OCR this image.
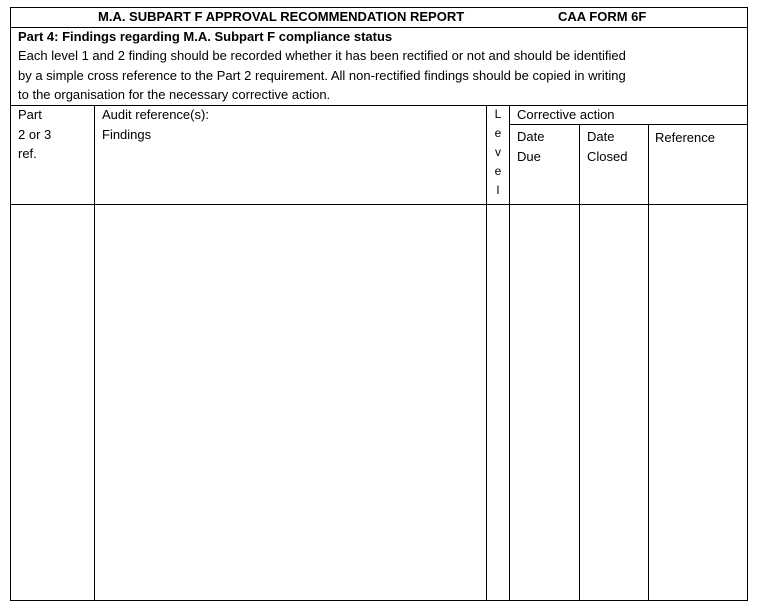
M.A. SUBPART F APPROVAL RECOMMENDATION REPORT	CAA FORM 6F
Part 4: Findings regarding M.A. Subpart F compliance status
Each level 1 and 2 finding should be recorded whether it has been rectified or not and should be identified
by a simple cross reference to the Part 2 requirement. All non-rectified findings should be copied in writing
to the organisation for the necessary corrective action.
Part
2 or 3
ref.
Audit reference(s):
Findings
L
e
v
e
l
Corrective action
Date
Due
Date
Closed
Reference
